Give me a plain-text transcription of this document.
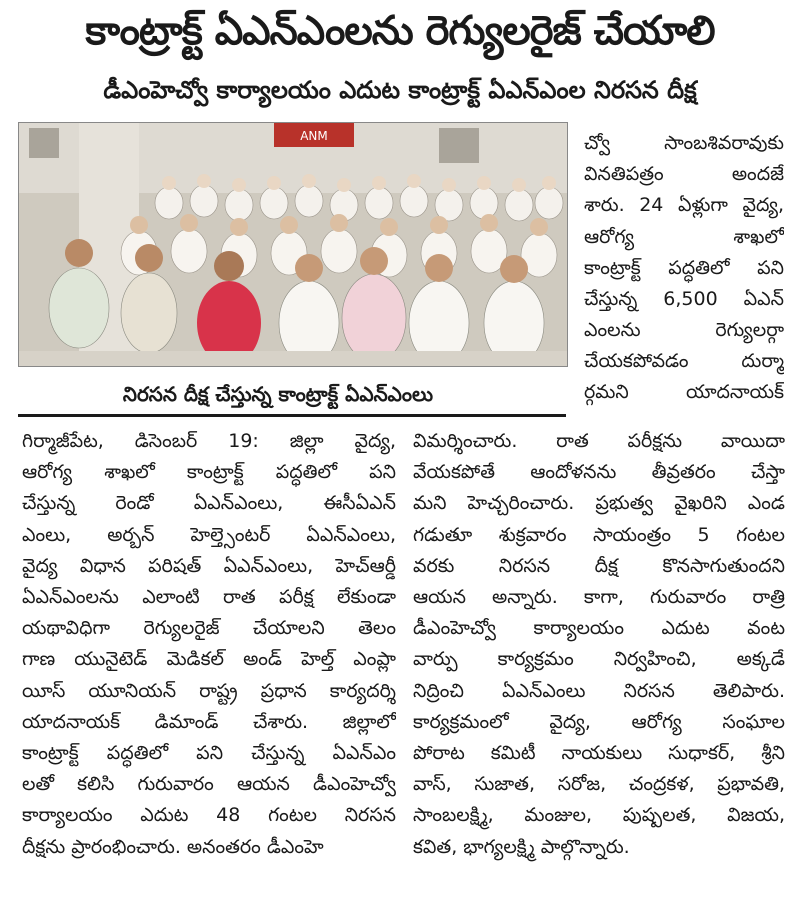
కాంట్రాక్ట్ ఏఎన్ఎంలను రెగ్యులరైజ్ చేయాలి
డీఎంహెచ్వో కార్యాలయం ఎదుట కాంట్రాక్ట్ ఏఎన్ఎంల నిరసన దీక్ష
ANM
నిరసన దీక్ష చేస్తున్న కాంట్రాక్ట్ ఏఎన్ఎంలు
చ్వో సాంబశివరావుకు
వినతిపత్రం అందజే
శారు. 24 ఏళ్లుగా వైద్య,
ఆరోగ్య శాఖలో
కాంట్రాక్ట్ పద్ధతిలో పని
చేస్తున్న 6,500 ఏఎన్
ఎంలను రెగ్యులర్గా
చేయకపోవడం దుర్మా
ర్గమని యాదనాయక్
గిర్మాజీపేట, డిసెంబర్ 19: జిల్లా వైద్య,
ఆరోగ్య శాఖలో కాంట్రాక్ట్ పద్ధతిలో పని
చేస్తున్న రెండో ఏఎన్ఎంలు, ఈసీఏఎన్
ఎంలు, అర్బన్ హెల్త్సెంటర్ ఏఎన్ఎంలు,
వైద్య విధాన పరిషత్ ఏఎన్ఎంలు, హెచ్ఆర్డీ
ఏఎన్ఎంలను ఎలాంటి రాత పరీక్ష లేకుండా
యథావిధిగా రెగ్యులరైజ్ చేయాలని తెలం
గాణ యునైటెడ్ మెడికల్ అండ్ హెల్త్ ఎంప్లా
యీస్ యూనియన్ రాష్ట్ర ప్రధాన కార్యదర్శి
యాదనాయక్ డిమాండ్ చేశారు. జిల్లాలో
కాంట్రాక్ట్ పద్ధతిలో పని చేస్తున్న ఏఎన్ఎం
లతో కలిసి గురువారం ఆయన డీఎంహెచ్వో
కార్యాలయం ఎదుట 48 గంటల నిరసన
దీక్షను ప్రారంభించారు. అనంతరం డీఎంహె
విమర్శించారు. రాత పరీక్షను వాయిదా
వేయకపోతే ఆందోళనను తీవ్రతరం చేస్తా
మని హెచ్చరించారు. ప్రభుత్వ వైఖరిని ఎండ
గడుతూ శుక్రవారం సాయంత్రం 5 గంటల
వరకు నిరసన దీక్ష కొనసాగుతుందని
ఆయన అన్నారు. కాగా, గురువారం రాత్రి
డీఎంహెచ్వో కార్యాలయం ఎదుట వంట
వార్పు కార్యక్రమం నిర్వహించి, అక్కడే
నిద్రించి ఏఎన్ఎంలు నిరసన తెలిపారు.
కార్యక్రమంలో వైద్య, ఆరోగ్య సంఘాల
పోరాట కమిటీ నాయకులు సుధాకర్, శ్రీని
వాస్, సుజాత, సరోజ, చంద్రకళ, ప్రభావతి,
సాంబలక్ష్మి, మంజుల, పుష్పలత, విజయ,
కవిత, భాగ్యలక్ష్మి పాల్గొన్నారు.
